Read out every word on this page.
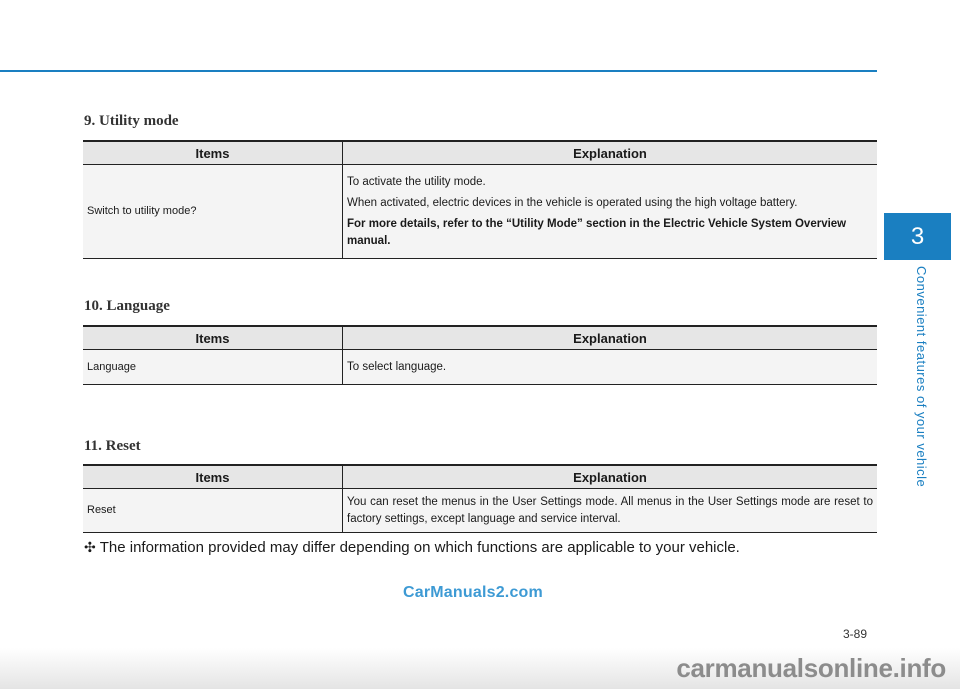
3
Convenient features of your vehicle
9. Utility mode
Items	Explanation
Switch to utility mode?	To activate the utility mode.

When activated, electric devices in the vehicle is operated using the high voltage battery.

For more details, refer to the “Utility Mode” section in the Electric Vehicle System Overview manual.

10. Language
Items	Explanation
Language	To select language.
11. Reset
Items	Explanation
Reset	You can reset the menus in the User Settings mode. All menus in the User Settings mode are reset to factory settings, except language and service interval.
✣ The information provided may differ depending on which functions are applicable to your vehicle.
CarManuals2.com
3-89
carmanualsonline.info
